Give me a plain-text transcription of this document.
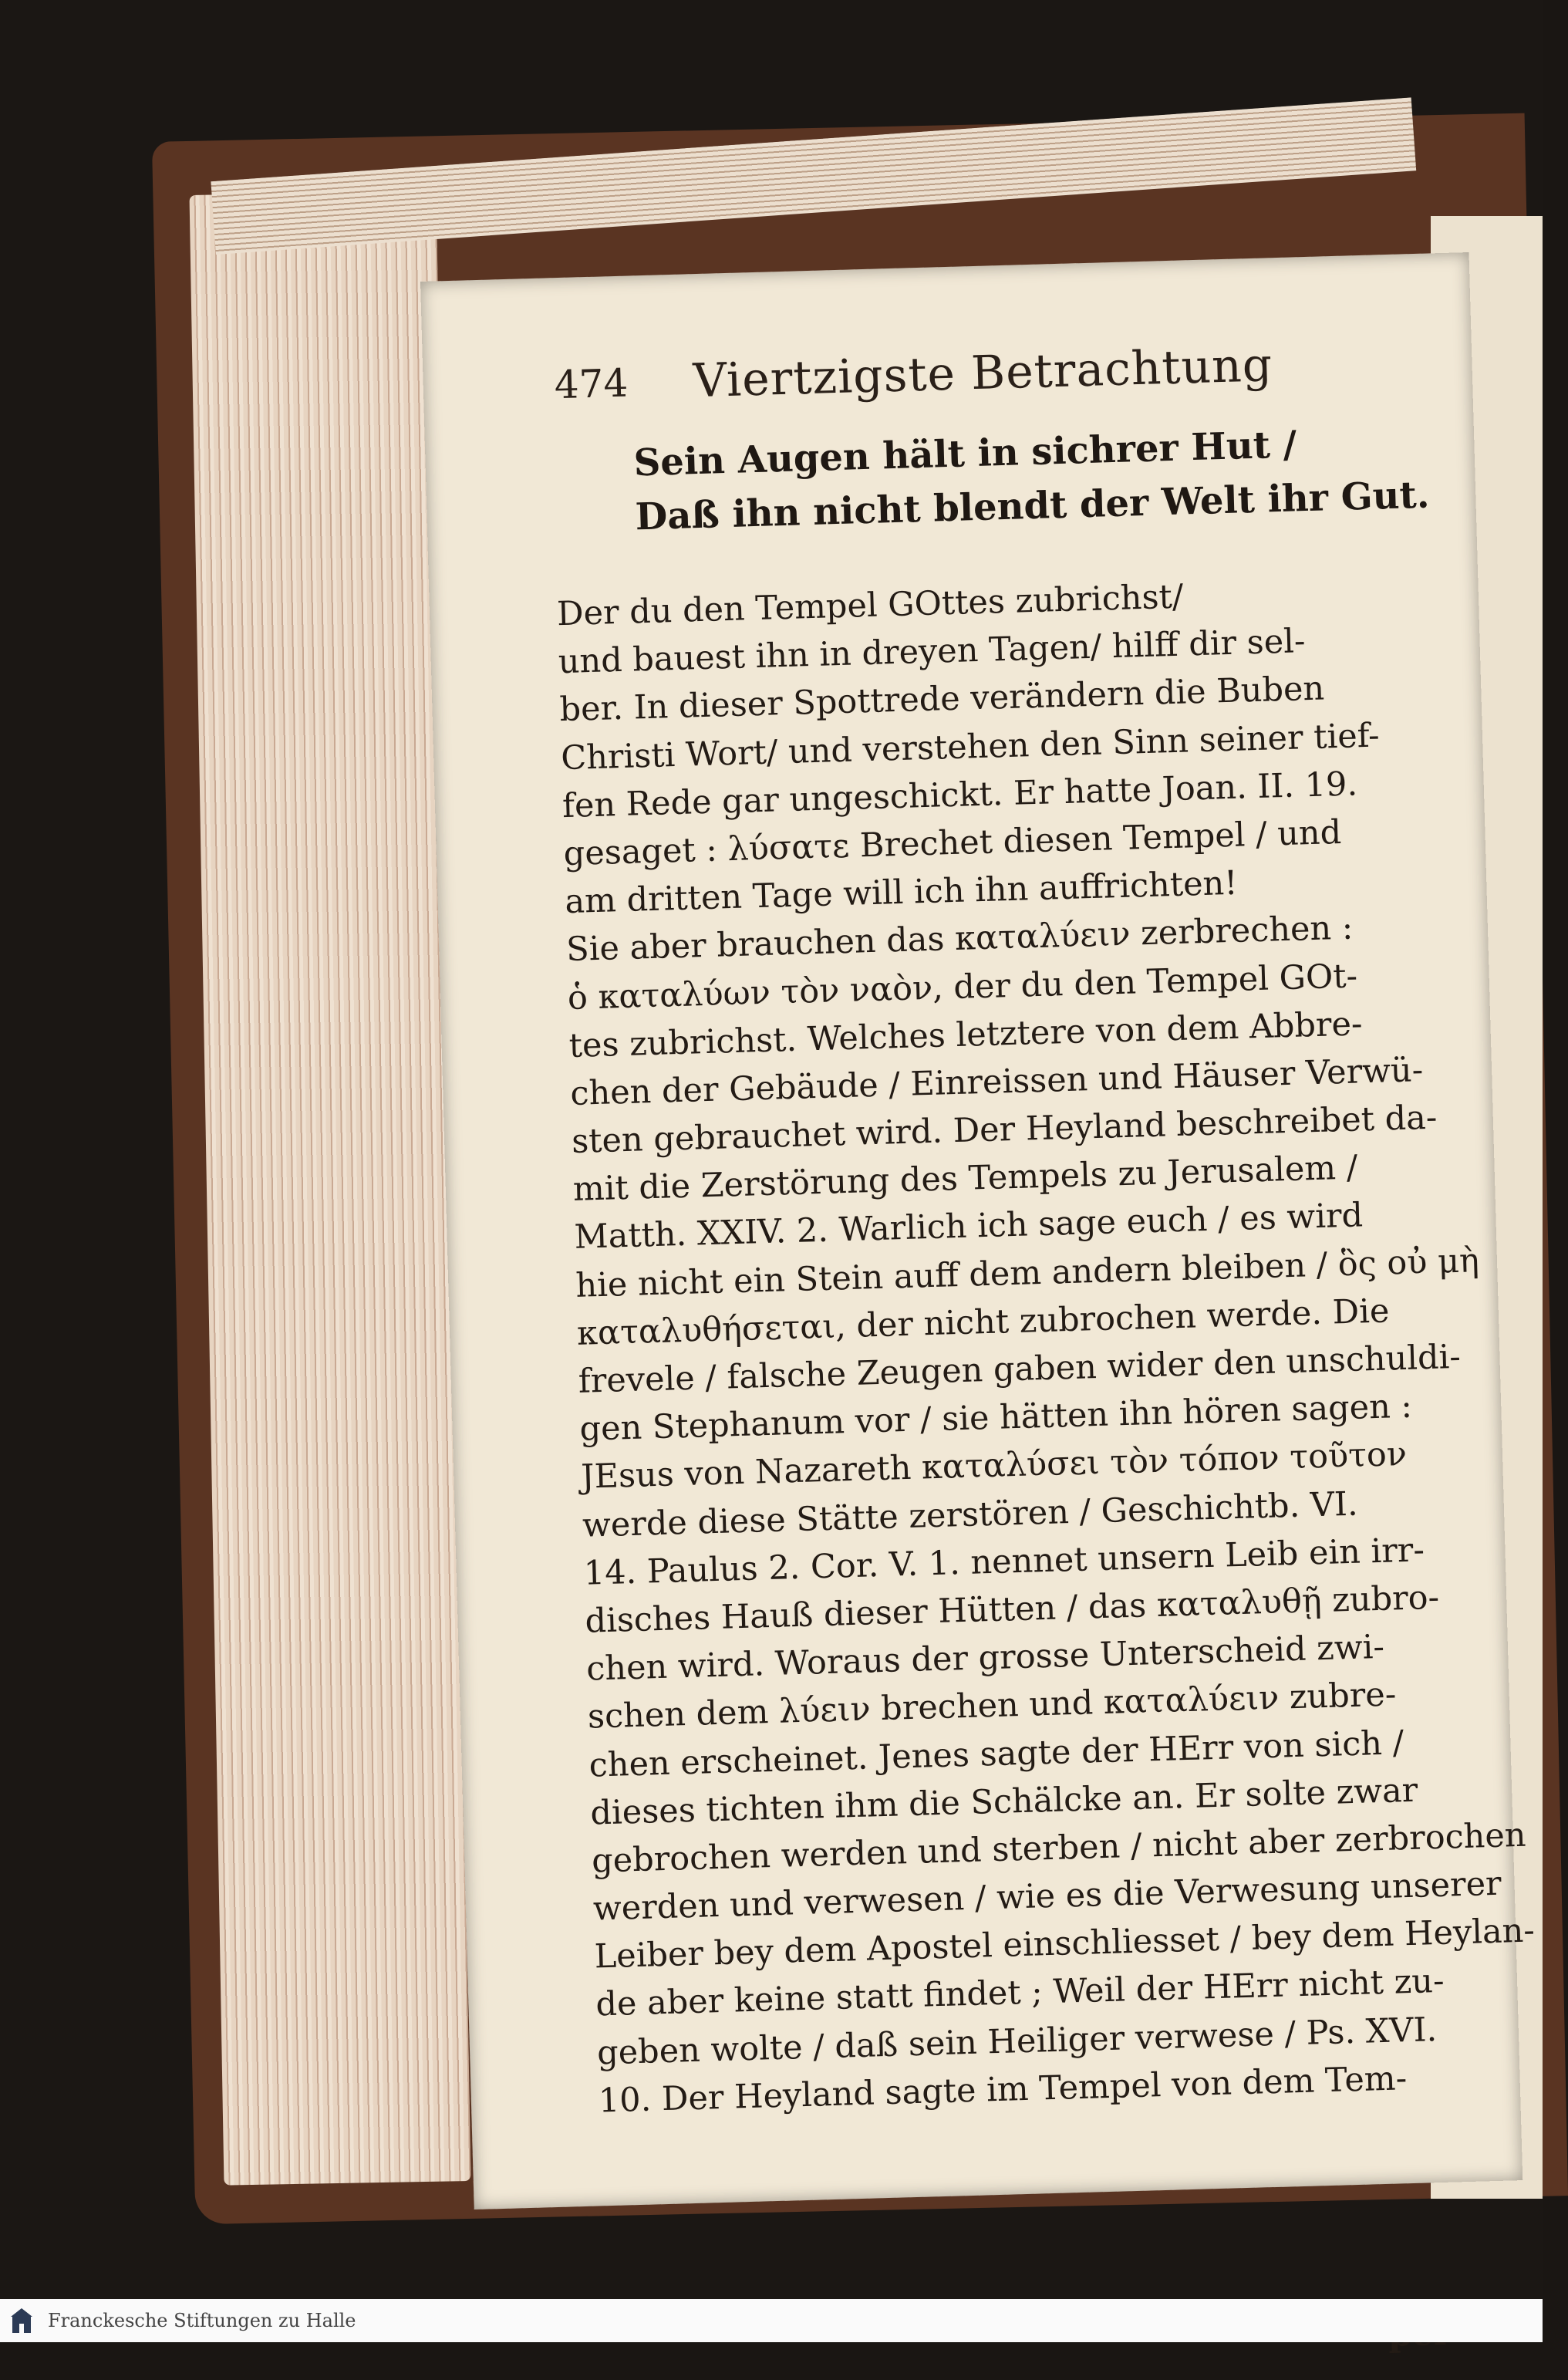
474 Viertzigste Betrachtung
Sein Augen hält in sichrer Hut /
Daß ihn nicht blendt der Welt ihr Gut.
Der du den Tempel GOttes zubrichst/
und bauest ihn in dreyen Tagen/ hilff dir sel-
ber. In dieser Spottrede verändern die Buben
Christi Wort/ und verstehen den Sinn seiner tief-
fen Rede gar ungeschickt. Er hatte Joan. II. 19.
gesaget : λύσατε Brechet diesen Tempel / und
am dritten Tage will ich ihn auffrichten!
Sie aber brauchen das καταλύειν zerbrechen :
ὁ καταλύων τὸν ναὸν, der du den Tempel GOt-
tes zubrichst. Welches letztere von dem Abbre-
chen der Gebäude / Einreissen und Häuser Verwü-
sten gebrauchet wird. Der Heyland beschreibet da-
mit die Zerstörung des Tempels zu Jerusalem /
Matth. XXIV. 2. Warlich ich sage euch / es wird
hie nicht ein Stein auff dem andern bleiben / ὃς οὐ μὴ
καταλυθήσεται, der nicht zubrochen werde. Die
frevele / falsche Zeugen gaben wider den unschuldi-
gen Stephanum vor / sie hätten ihn hören sagen :
JEsus von Nazareth καταλύσει τὸν τόπον τοῦτον
werde diese Stätte zerstören / Geschichtb. VI.
14. Paulus 2. Cor. V. 1. nennet unsern Leib ein irr-
disches Hauß dieser Hütten / das καταλυθῇ zubro-
chen wird. Woraus der grosse Unterscheid zwi-
schen dem λύειν brechen und καταλύειν zubre-
chen erscheinet. Jenes sagte der HErr von sich /
dieses tichten ihm die Schälcke an. Er solte zwar
gebrochen werden und sterben / nicht aber zerbrochen
werden und verwesen / wie es die Verwesung unserer
Leiber bey dem Apostel einschliesset / bey dem Heylan-
de aber keine statt findet ; Weil der HErr nicht zu-
geben wolte / daß sein Heiliger verwese / Ps. XVI.
10. Der Heyland sagte im Tempel von dem Tem-
Franckesche Stiftungen zu Halle
